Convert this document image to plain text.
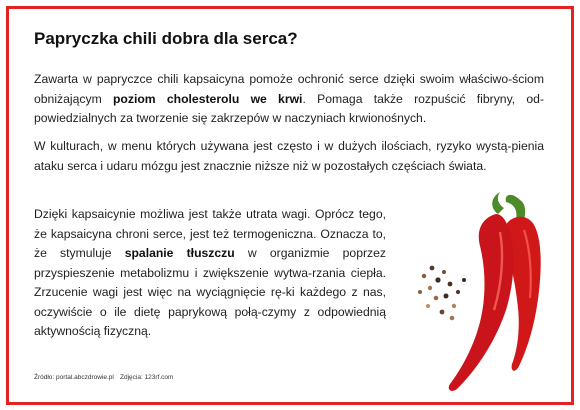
Papryczka chili dobra dla serca?
Zawarta w papryczce chili kapsaicyna pomoże ochronić serce dzięki swoim właściwo-ściom obniżającym poziom cholesterolu we krwi. Pomaga także rozpuścić fibryny, od-powiedzialnych za tworzenie się zakrzepów w naczyniach krwionośnych.
W kulturach, w menu których używana jest często i w dużych ilościach, ryzyko wystą-pienia ataku serca i udaru mózgu jest znacznie niższe niż w pozostałych częściach świata.
Dzięki kapsaicynie możliwa jest także utrata wagi. Oprócz tego, że kapsaicyna chroni serce, jest też termogeniczna. Oznacza to, że stymuluje spalanie tłuszczu w organizmie poprzez przyspieszenie metabolizmu i zwiększenie wytwa-rzania ciepła. Zrzucenie wagi jest więc na wyciągnięcie rę-ki każdego z nas, oczywiście o ile dietę paprykową połą-czymy z odpowiednią aktywnością fizyczną.
Źródło: portal.abczdrowie.pl Zdjęcia: 123rf.com
